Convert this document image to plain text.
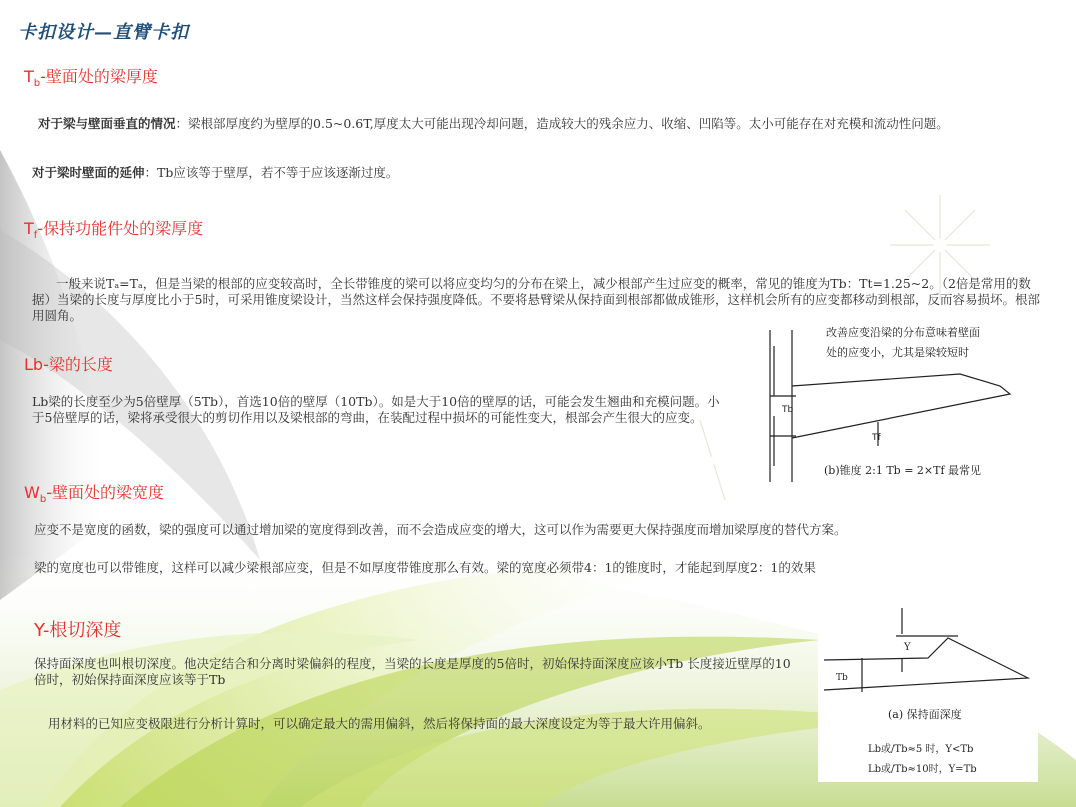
卡扣设计—直臂卡扣
$T_b-$壁面处的梁厚度
对于梁与壁面垂直的情况：梁根部厚度约为壁厚的0.5~0.6T,厚度太大可能出现冷却问题，造成较大的残余应力、收缩、凹陷等。太小可能存在对充模和流动性问题。
对于梁时壁面的延伸：Tb应该等于壁厚，若不等于应该逐渐过度。
$T_f-$保持功能件处的梁厚度
一般来说Tₐ=Tₐ，但是当梁的根部的应变较高时，全长带锥度的梁可以将应变均匀的分布在梁上，减少根部产生过应变的概率，常见的锥度为Tb：Tt=1.25~2。（2倍是常用的数据）当梁的长度与厚度比小于5时，可采用锥度梁设计，当然这样会保持强度降低。不要将悬臂梁从保持面到根部都做成锥形，这样机会所有的应变都移动到根部，反而容易损坏。根部用圆角。
Lb-梁的长度
Lb梁的长度至少为5倍壁厚（5Tb），首选10倍的壁厚（10Tb）。如是大于10倍的壁厚的话，可能会发生翘曲和充模问题。小于5倍壁厚的话，梁将承受很大的剪切作用以及梁根部的弯曲，在装配过程中损坏的可能性变大，根部会产生很大的应变。
$W_b-$壁面处的梁宽度
应变不是宽度的函数，梁的强度可以通过增加梁的宽度得到改善，而不会造成应变的增大，这可以作为需要更大保持强度而增加梁厚度的替代方案。
梁的宽度也可以带锥度，这样可以减少梁根部应变，但是不如厚度带锥度那么有效。梁的宽度必须带4：1的锥度时，才能起到厚度2：1的效果
Y-根切深度
保持面深度也叫根切深度。他决定结合和分离时梁偏斜的程度，当梁的长度是厚度的5倍时，初始保持面深度应该小Tb 长度接近壁厚的10倍时，初始保持面深度应该等于Tb
用材料的已知应变极限进行分析计算时，可以确定最大的需用偏斜，然后将保持面的最大深度设定为等于最大许用偏斜。
Tb
Tf
改善应变沿梁的分布意味着壁面
处的应变小，尤其是梁较短时
(b)锥度 2:1 Tb = 2×Tf 最常见
Y
Tb
(a) 保持面深度
Lb或/Tb≈5 时，Y<Tb
Lb或/Tb≈10时，Y=Tb
